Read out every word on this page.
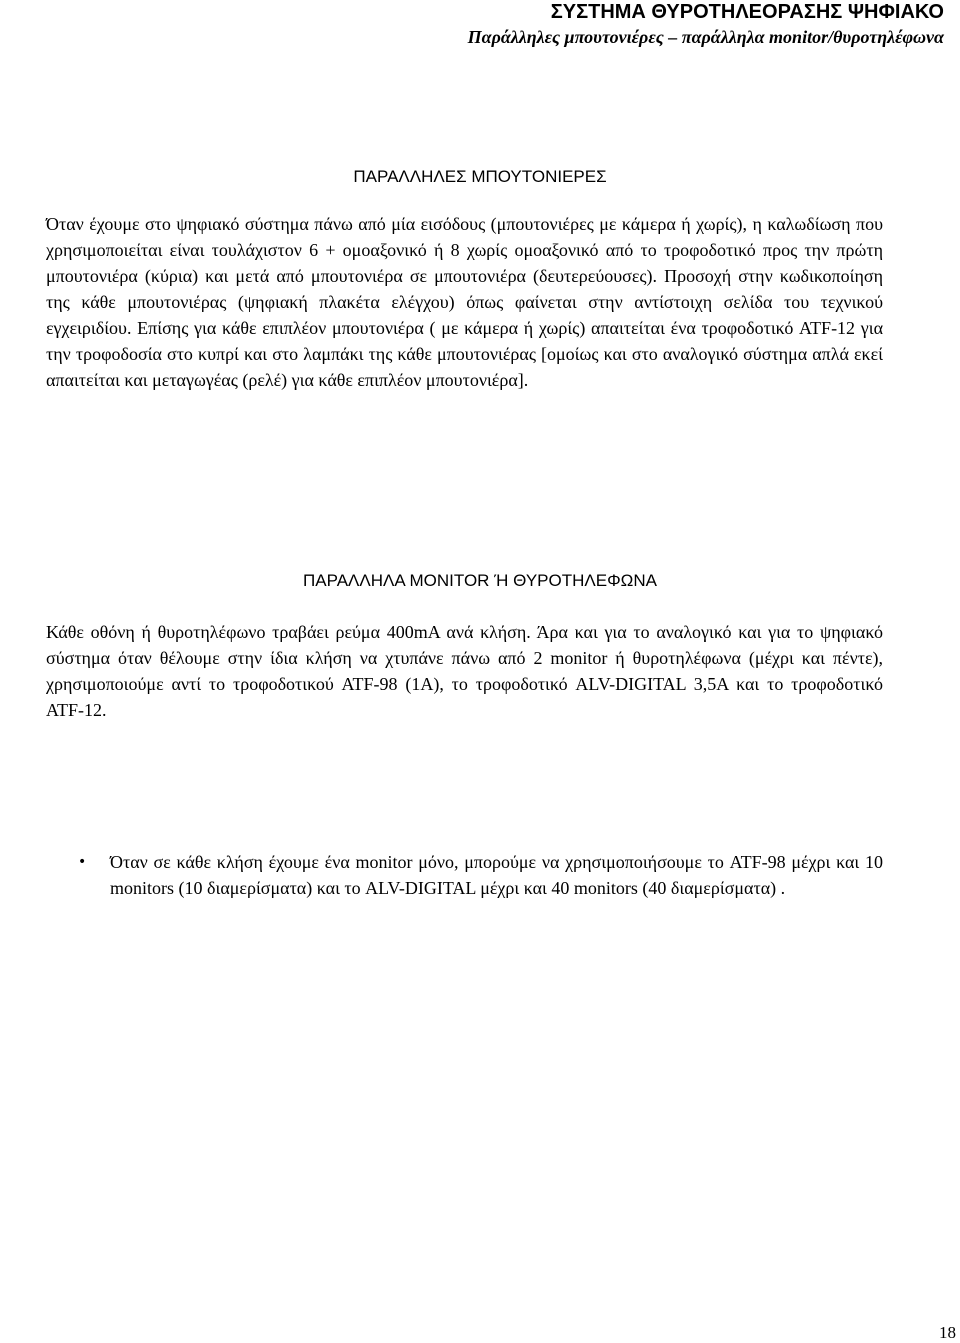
ΣΥΣΤΗΜΑ ΘΥΡΟΤΗΛΕΟΡΑΣΗΣ ΨΗΦΙΑΚΟ
Παράλληλες μπουτονιέρες – παράλληλα monitor/θυροτηλέφωνα
ΠΑΡΑΛΛΗΛΕΣ ΜΠΟΥΤΟΝΙΕΡΕΣ

Όταν έχουμε στο ψηφιακό σύστημα πάνω από μία εισόδους (μπουτονιέρες με κάμερα ή χωρίς), η καλωδίωση που χρησιμοποιείται είναι τουλάχιστον 6 + ομοαξονικό ή 8 χωρίς ομοαξονικό από το τροφοδοτικό προς την πρώτη μπουτονιέρα (κύρια) και μετά από μπουτονιέρα σε μπουτονιέρα (δευτερεύουσες). Προσοχή στην κωδικοποίηση της κάθε μπουτονιέρας (ψηφιακή πλακέτα ελέγχου) όπως φαίνεται στην αντίστοιχη σελίδα του τεχνικού εγχειριδίου. Επίσης για κάθε επιπλέον μπουτονιέρα ( με κάμερα ή χωρίς) απαιτείται ένα τροφοδοτικό ATF-12 για την τροφοδοσία στο κυπρί και στο λαμπάκι της κάθε μπουτονιέρας [ομοίως και στο αναλογικό σύστημα απλά εκεί απαιτείται και μεταγωγέας (ρελέ) για κάθε επιπλέον μπουτονιέρα].

ΠΑΡΑΛΛΗΛΑ MONITOR Ή ΘΥΡΟΤΗΛΕΦΩΝΑ

Κάθε οθόνη ή θυροτηλέφωνο τραβάει ρεύμα 400mA ανά κλήση. Άρα και για το αναλογικό και για το ψηφιακό σύστημα όταν θέλουμε στην ίδια κλήση να χτυπάνε πάνω από 2 monitor ή θυροτηλέφωνα (μέχρι και πέντε), χρησιμοποιούμε αντί το τροφοδοτικού ATF-98 (1A), το τροφοδοτικό ALV-DIGITAL 3,5A και το τροφοδοτικό ATF-12.

• Όταν σε κάθε κλήση έχουμε ένα monitor μόνο, μπορούμε να χρησιμοποιήσουμε το ATF-98 μέχρι και 10 monitors (10 διαμερίσματα) και το ALV-DIGITAL μέχρι και 40 monitors (40 διαμερίσματα) .
18
